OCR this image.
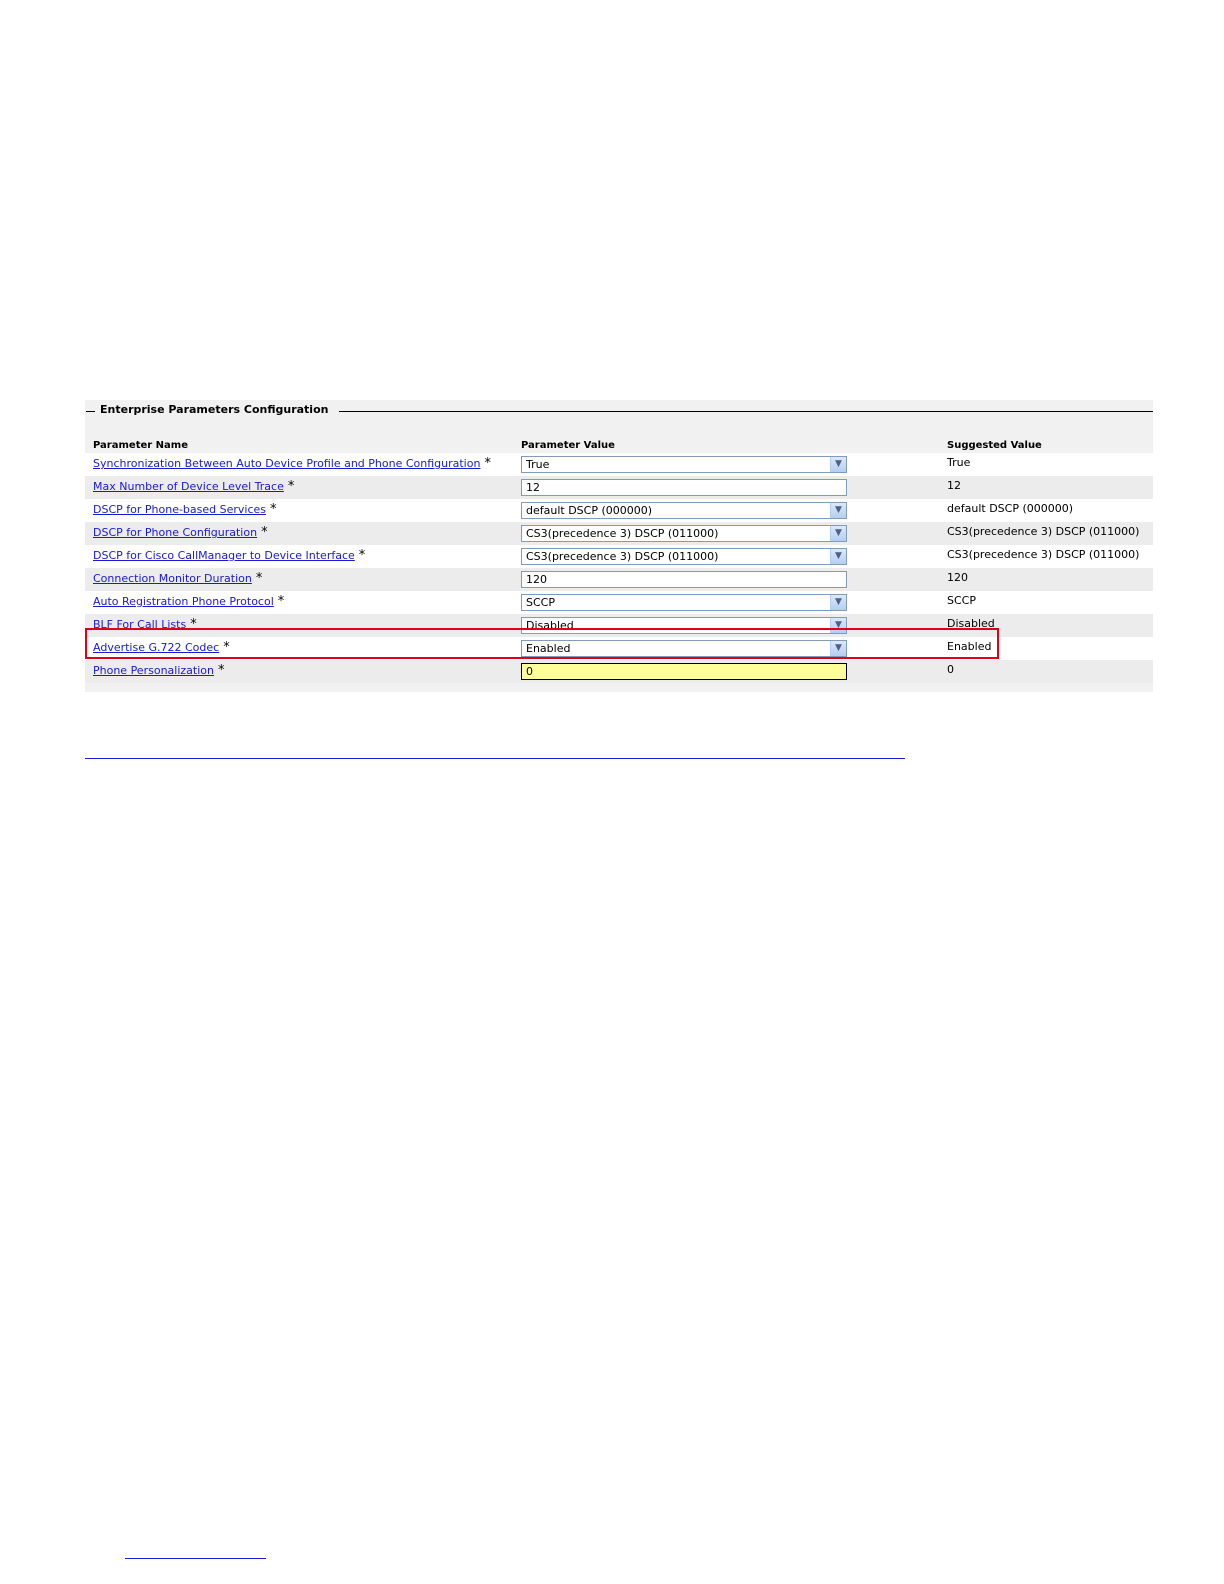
Enterprise Parameters Configuration
Parameter Name	Parameter Value	Suggested Value
Synchronization Between Auto Device Profile and Phone Configuration *	True	▼	True
Max Number of Device Level Trace *	12	12
DSCP for Phone-based Services *	default DSCP (000000)	▼	default DSCP (000000)
DSCP for Phone Configuration *	CS3(precedence 3) DSCP (011000)	▼	CS3(precedence 3) DSCP (011000)
DSCP for Cisco CallManager to Device Interface *	CS3(precedence 3) DSCP (011000)	▼	CS3(precedence 3) DSCP (011000)
Connection Monitor Duration *	120	120
Auto Registration Phone Protocol *	SCCP	▼	SCCP
BLF For Call Lists *	Disabled	▼	Disabled
Advertise G.722 Codec *	Enabled	▼	Enabled
Phone Personalization *	0	0
